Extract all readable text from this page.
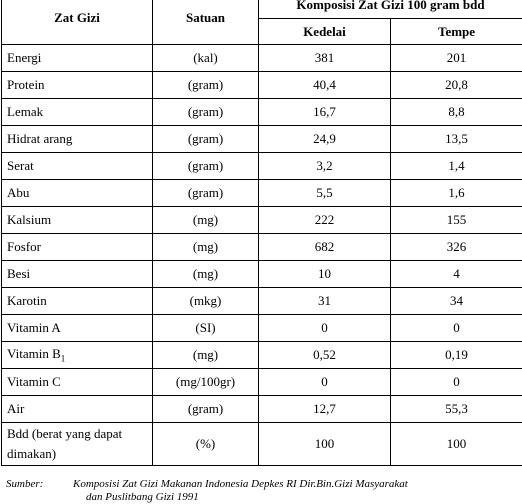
Zat Gizi	Satuan	Komposisi Zat Gizi 100 gram bdd	
		Kedelai	Tempe
Energi	(kal)	381	201
Protein	(gram)	40,4	20,8
Lemak	(gram)	16,7	8,8
Hidrat arang	(gram)	24,9	13,5
Serat	(gram)	3,2	1,4
Abu	(gram)	5,5	1,6
Kalsium	(mg)	222	155
Fosfor	(mg)	682	326
Besi	(mg)	10	4
Karotin	(mkg)	31	34
Vitamin A	(SI)	0	0
Vitamin $B_1$	(mg)	0,52	0,19
Vitamin C	(mg/100gr)	0	0
Air	(gram)	12,7	55,3
Bdd (berat yang dapat dimakan)	(%)	100	100
Sumber:	Komposisi Zat Gizi Makanan Indonesia Depkes RI Dir.Bin.Gizi Masyarakat
dan Puslitbang Gizi 1991
